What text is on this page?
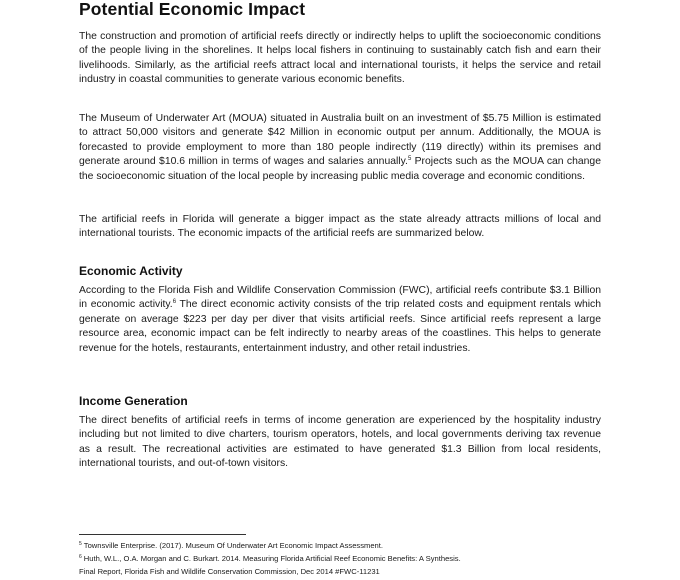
Potential Economic Impact
The construction and promotion of artificial reefs directly or indirectly helps to uplift the socioeconomic conditions of the people living in the shorelines. It helps local fishers in continuing to sustainably catch fish and earn their livelihoods. Similarly, as the artificial reefs attract local and international tourists, it helps the service and retail industry in coastal communities to generate various economic benefits.
The Museum of Underwater Art (MOUA) situated in Australia built on an investment of $5.75 Million is estimated to attract 50,000 visitors and generate $42 Million in economic output per annum. Additionally, the MOUA is forecasted to provide employment to more than 180 people indirectly (119 directly) within its premises and generate around $10.6 million in terms of wages and salaries annually.$^5$ Projects such as the MOUA can change the socioeconomic situation of the local people by increasing public media coverage and economic conditions.
The artificial reefs in Florida will generate a bigger impact as the state already attracts millions of local and international tourists. The economic impacts of the artificial reefs are summarized below.
Economic Activity
According to the Florida Fish and Wildlife Conservation Commission (FWC), artificial reefs contribute $3.1 Billion in economic activity.$^6$ The direct economic activity consists of the trip related costs and equipment rentals which generate on average $223 per day per diver that visits artificial reefs. Since artificial reefs represent a large resource area, economic impact can be felt indirectly to nearby areas of the coastlines. This helps to generate revenue for the hotels, restaurants, entertainment industry, and other retail industries.
Income Generation
The direct benefits of artificial reefs in terms of income generation are experienced by the hospitality industry including but not limited to dive charters, tourism operators, hotels, and local governments deriving tax revenue as a result. The recreational activities are estimated to have generated $1.3 Billion from local residents, international tourists, and out-of-town visitors.
$^5$ Townsville Enterprise. (2017). Museum Of Underwater Art Economic Impact Assessment.
$^6$ Huth, W.L., O.A. Morgan and C. Burkart. 2014. Measuring Florida Artificial Reef Economic Benefits: A Synthesis.
Final Report, Florida Fish and Wildlife Conservation Commission, Dec 2014 #FWC-11231
